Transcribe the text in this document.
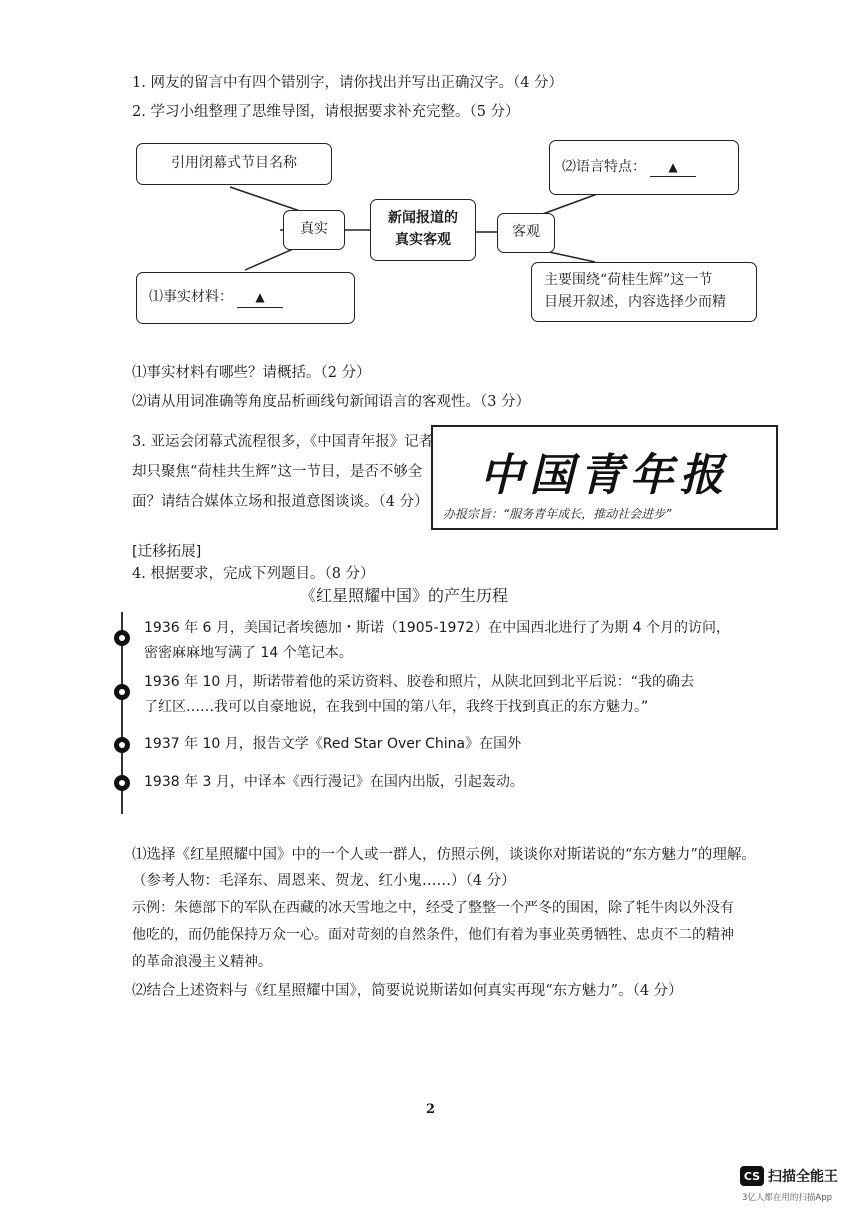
1. 网友的留言中有四个错别字，请你找出并写出正确汉字。（4 分）
2. 学习小组整理了思维导图，请根据要求补充完整。（5 分）
引用闭幕式节目名称	⑵语言特点：	▲
真实
新闻报道的
真实客观	客观
⑴事实材料：	▲
主要围绕“荷桂生辉”这一节
目展开叙述，内容选择少而精
⑴事实材料有哪些？请概括。（2 分）
⑵请从用词准确等角度品析画线句新闻语言的客观性。（3 分）
3. 亚运会闭幕式流程很多，《中国青年报》记者
却只聚焦“荷桂共生辉”这一节目，是否不够全
面？请结合媒体立场和报道意图谈谈。（4 分）
中国青年报
办报宗旨：“服务青年成长，推动社会进步”
[迁移拓展]
4. 根据要求，完成下列题目。（8 分）
《红星照耀中国》的产生历程
1936 年 6 月，美国记者埃德加・斯诺（1905-1972）在中国西北进行了为期 4 个月的访问，
密密麻麻地写满了 14 个笔记本。
1936 年 10 月，斯诺带着他的采访资料、胶卷和照片，从陕北回到北平后说：“我的确去
了红区……我可以自豪地说，在我到中国的第八年，我终于找到真正的东方魅力。”
1937 年 10 月，报告文学《Red Star Over China》在国外
1938 年 3 月，中译本《西行漫记》在国内出版，引起轰动。
⑴选择《红星照耀中国》中的一个人或一群人，仿照示例，谈谈你对斯诺说的“东方魅力”的理解。
（参考人物：毛泽东、周恩来、贺龙、红小鬼……）（4 分）
示例：朱德部下的军队在西藏的冰天雪地之中，经受了整整一个严冬的围困，除了牦牛肉以外没有
他吃的，而仍能保持万众一心。面对苛刻的自然条件，他们有着为事业英勇牺牲、忠贞不二的精神
的革命浪漫主义精神。
⑵结合上述资料与《红星照耀中国》，简要说说斯诺如何真实再现“东方魅力”。（4 分）
2
CS 扫描全能王
3亿人都在用的扫描App
